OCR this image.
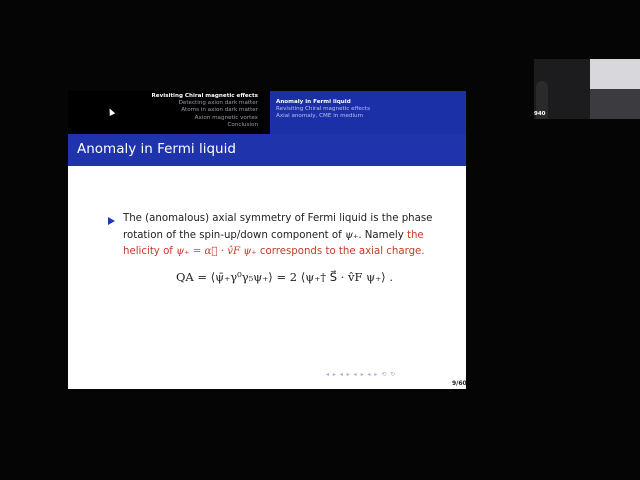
Revisiting Chiral magnetic effects
Detecting axion dark matter
Atoms in axion dark matter
Axion magnetic vortex
Conclusion
Anomaly in Fermi liquid
Revisiting Chiral magnetic effects
Axial anomaly, CME in medium
Anomaly in Fermi liquid
The (anomalous) axial symmetry of Fermi liquid is the phase
rotation of the spin-up/down component of ψ₊. Namely the
helicity of ψ₊ = α⃗ · v̂F ψ₊ corresponds to the axial charge.
QA = ⟨ψ̄₊γ⁰γ₅ψ₊⟩ = 2 ⟨ψ₊† S⃗ · v̂F ψ₊⟩ .
◂ ▸ ◂ ▸ ◂ ▸ ◂ ▸ ⟲ ↻
9/60
940
